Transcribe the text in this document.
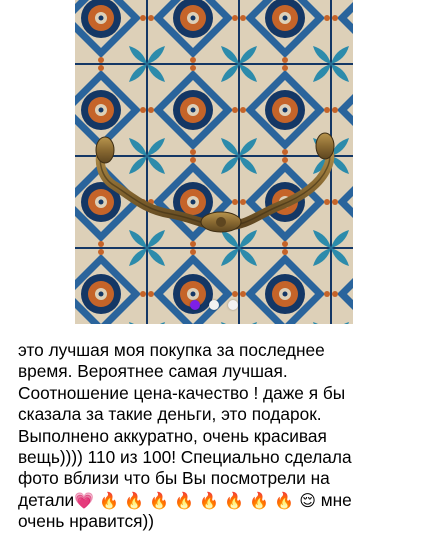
это лучшая моя покупка за последнее
время. Вероятнее самая лучшая.
Соотношение цена-качество ! даже я бы
сказала за такие деньги, это подарок.
Выполнено аккуратно, очень красивая
вещь)))) 110 из 100! Специально сделала
фото вблизи что бы Вы посмотрели на
детали💗 🔥 🔥 🔥 🔥 🔥 🔥 🔥 🔥 😌 мне
очень нравится))
